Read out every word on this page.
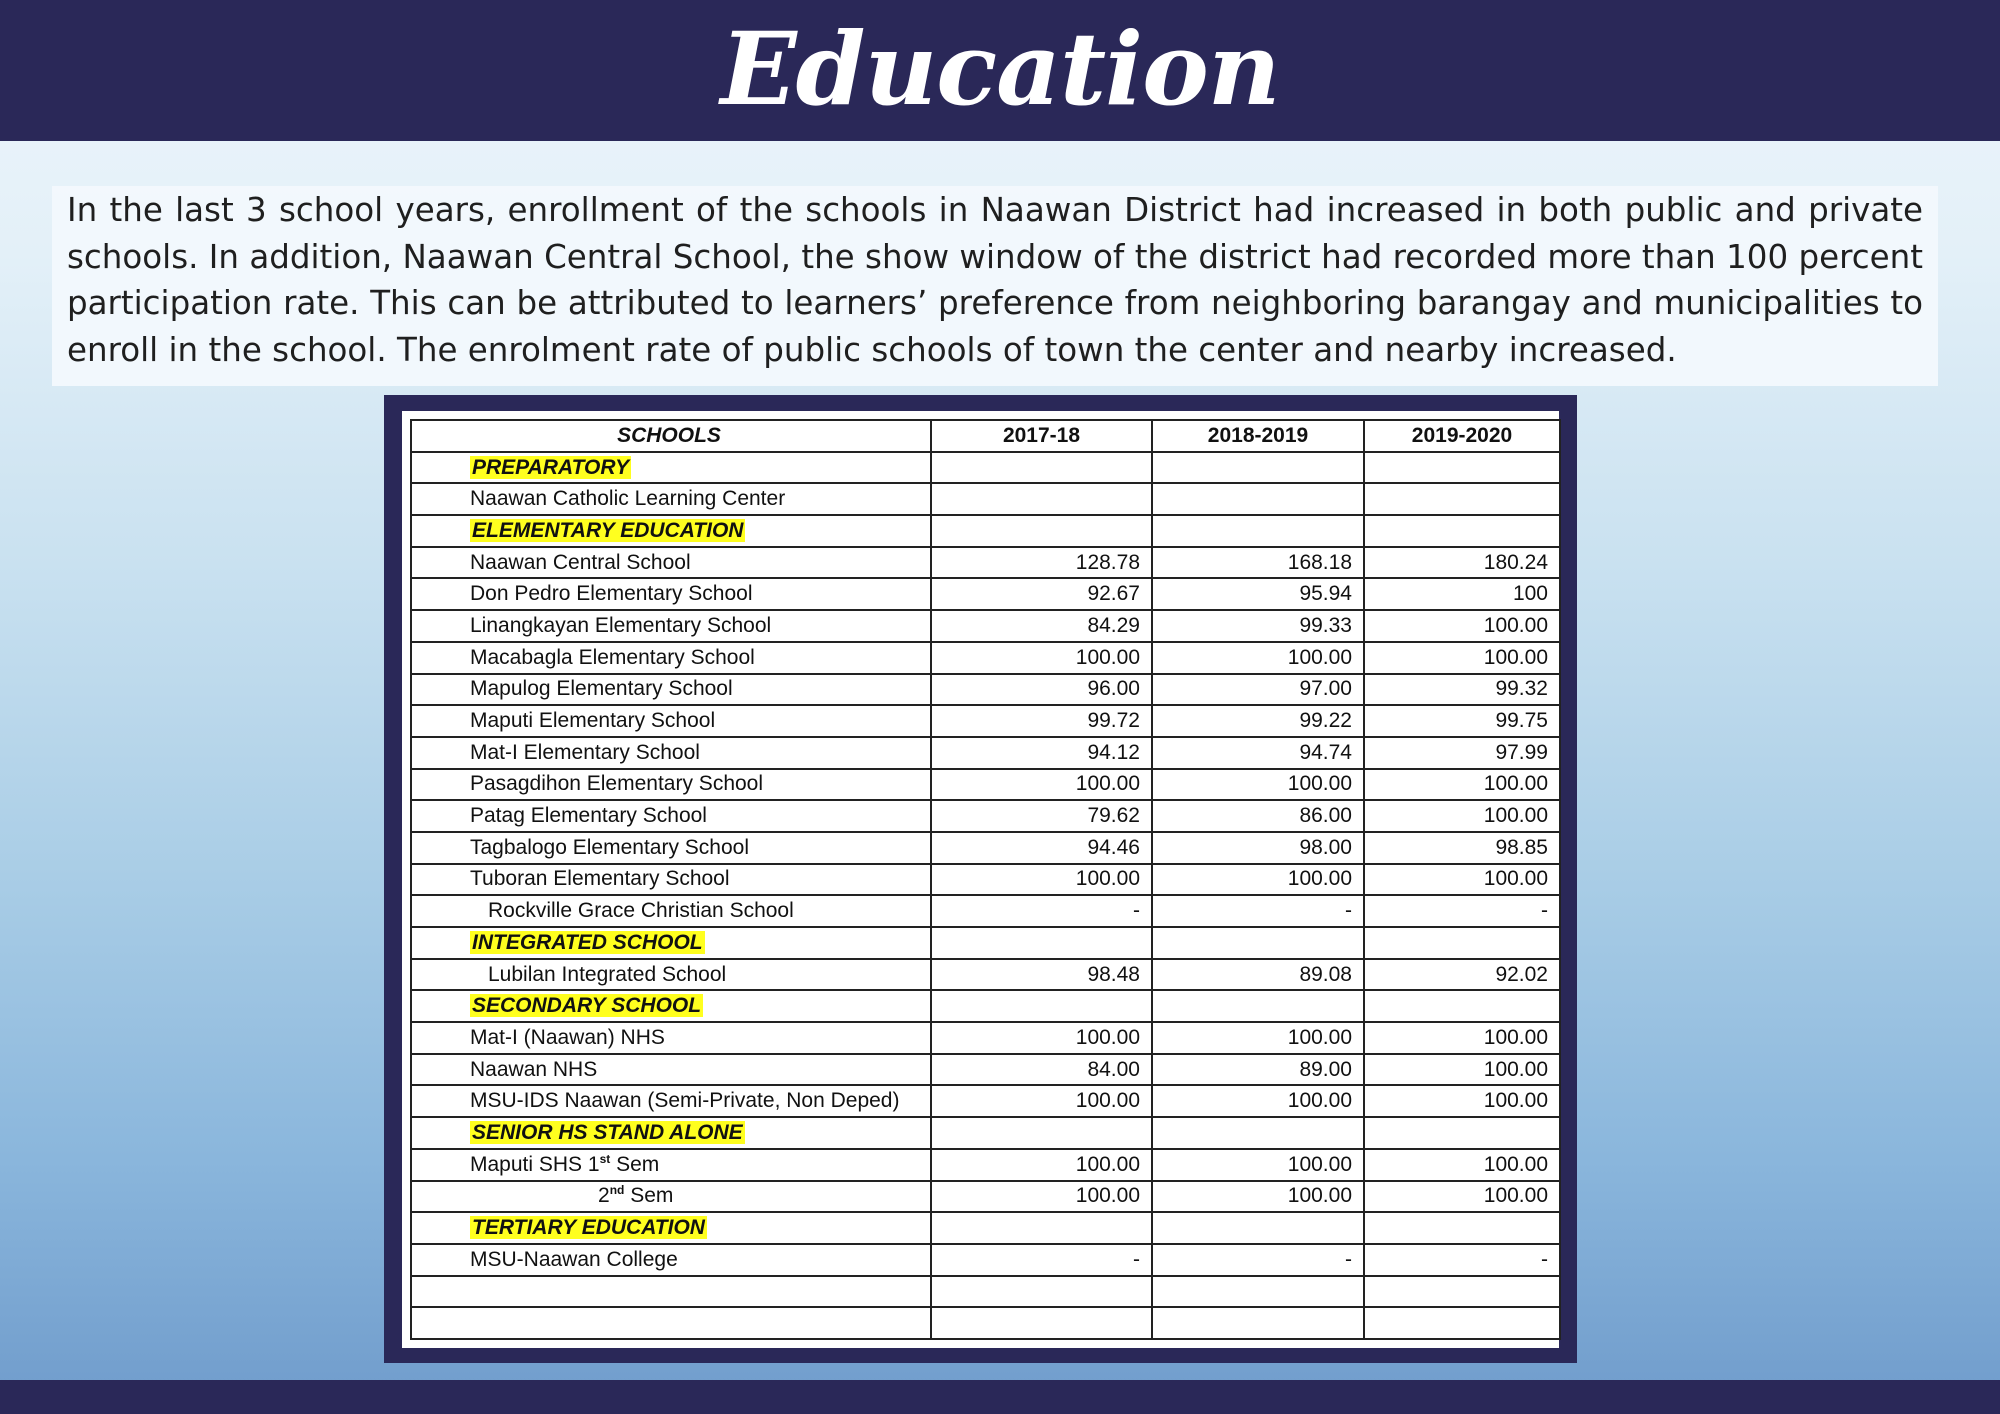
Education

In the last 3 school years, enrollment of the schools in Naawan District had increased in both public and private schools. In addition, Naawan Central School, the show window of the district had recorded more than 100 percent participation rate. This can be attributed to learners’ preference from neighboring barangay and municipalities to enroll in the school. The enrolment rate of public schools of town the center and nearby increased.

SCHOOLS	2017-18	2018-2019	2019-2020
PREPARATORY			
Naawan Catholic Learning Center			
ELEMENTARY EDUCATION			
Naawan Central School	128.78	168.18	180.24
Don Pedro Elementary School	92.67	95.94	100
Linangkayan Elementary School	84.29	99.33	100.00
Macabagla Elementary School	100.00	100.00	100.00
Mapulog Elementary School	96.00	97.00	99.32
Maputi Elementary School	99.72	99.22	99.75
Mat-I Elementary School	94.12	94.74	97.99
Pasagdihon Elementary School	100.00	100.00	100.00
Patag Elementary School	79.62	86.00	100.00
Tagbalogo Elementary School	94.46	98.00	98.85
Tuboran Elementary School	100.00	100.00	100.00
Rockville Grace Christian School	-	-	-
INTEGRATED SCHOOL			
Lubilan Integrated School	98.48	89.08	92.02
SECONDARY SCHOOL			
Mat-I (Naawan) NHS	100.00	100.00	100.00
Naawan NHS	84.00	89.00	100.00
MSU-IDS Naawan (Semi-Private, Non Deped)	100.00	100.00	100.00
SENIOR HS STAND ALONE			
Maputi SHS 1st Sem	100.00	100.00	100.00
2nd Sem	100.00	100.00	100.00
TERTIARY EDUCATION			
MSU-Naawan College	-	-	-
